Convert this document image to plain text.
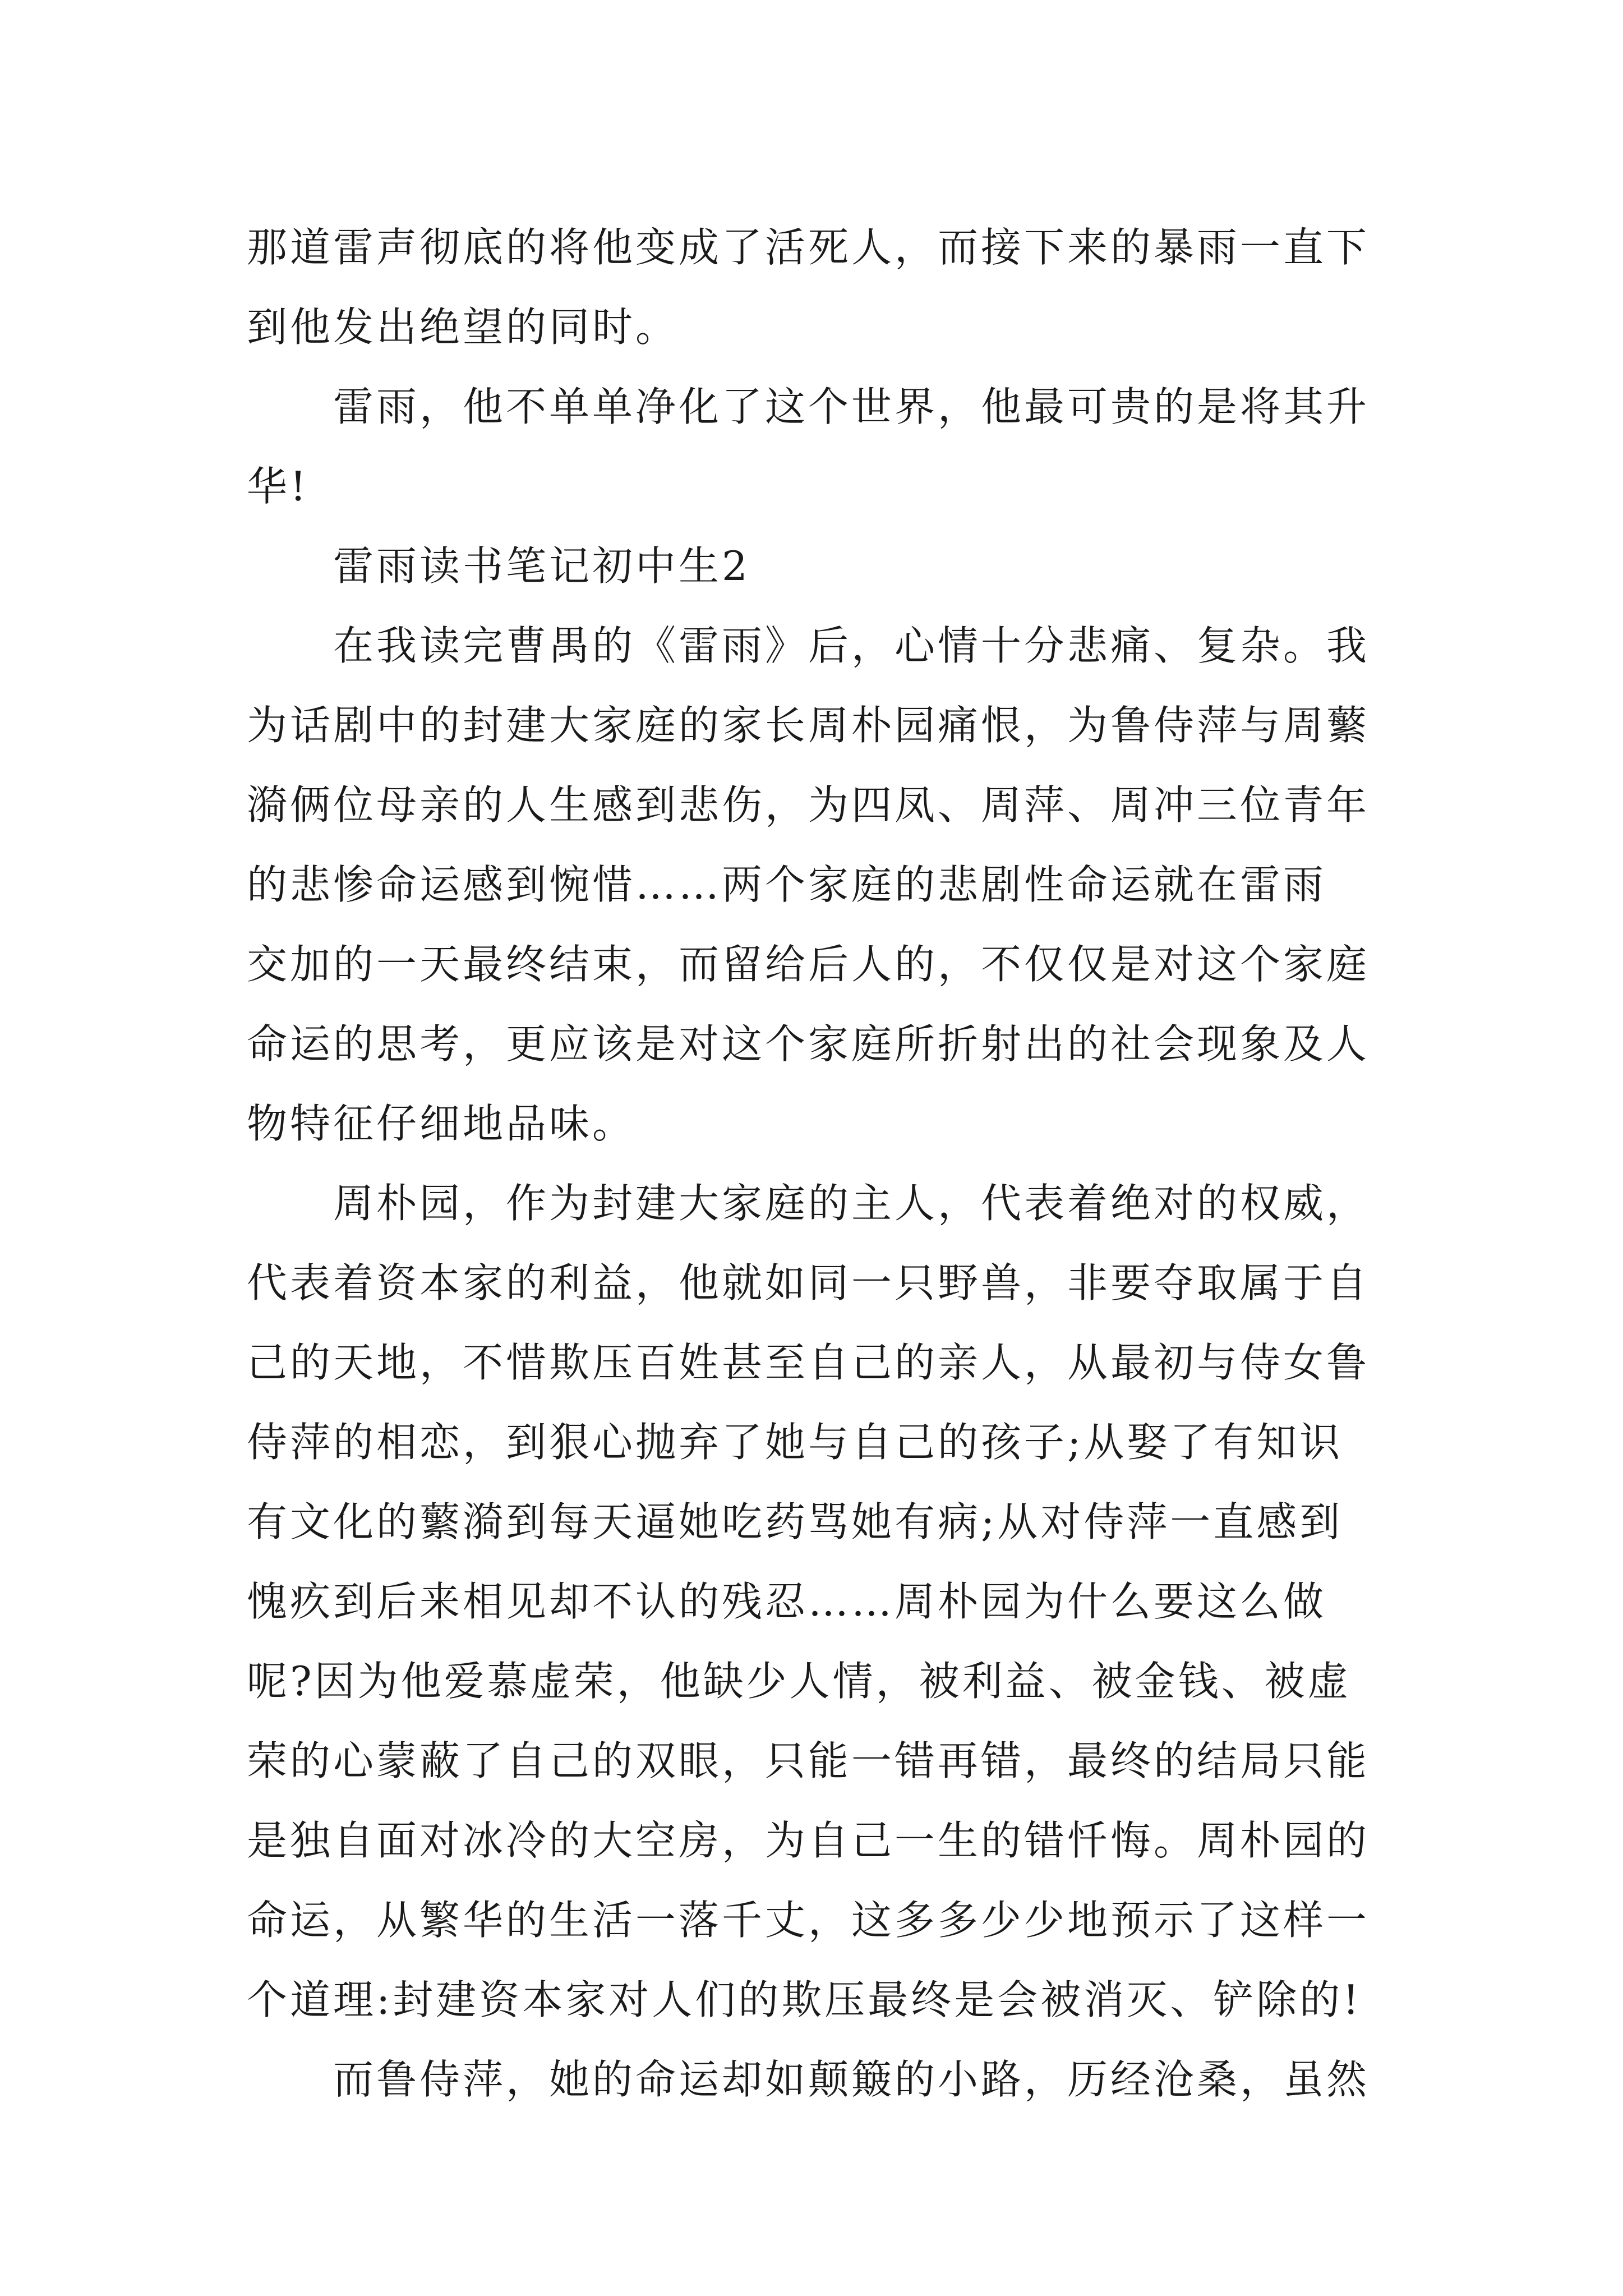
那道雷声彻底的将他变成了活死人，而接下来的暴雨一直下
到他发出绝望的同时。
雷雨，他不单单净化了这个世界，他最可贵的是将其升
华!
雷雨读书笔记初中生2
在我读完曹禺的《雷雨》后，心情十分悲痛、复杂。我
为话剧中的封建大家庭的家长周朴园痛恨，为鲁侍萍与周蘩
漪俩位母亲的人生感到悲伤，为四凤、周萍、周冲三位青年
的悲惨命运感到惋惜……两个家庭的悲剧性命运就在雷雨
交加的一天最终结束，而留给后人的，不仅仅是对这个家庭
命运的思考，更应该是对这个家庭所折射出的社会现象及人
物特征仔细地品味。
周朴园，作为封建大家庭的主人，代表着绝对的权威，
代表着资本家的利益，他就如同一只野兽，非要夺取属于自
己的天地，不惜欺压百姓甚至自己的亲人，从最初与侍女鲁
侍萍的相恋，到狠心抛弃了她与自己的孩子;从娶了有知识
有文化的蘩漪到每天逼她吃药骂她有病;从对侍萍一直感到
愧疚到后来相见却不认的残忍……周朴园为什么要这么做
呢?因为他爱慕虚荣，他缺少人情，被利益、被金钱、被虚
荣的心蒙蔽了自己的双眼，只能一错再错，最终的结局只能
是独自面对冰冷的大空房，为自己一生的错忏悔。周朴园的
命运，从繁华的生活一落千丈，这多多少少地预示了这样一
个道理:封建资本家对人们的欺压最终是会被消灭、铲除的!
而鲁侍萍，她的命运却如颠簸的小路，历经沧桑，虽然
